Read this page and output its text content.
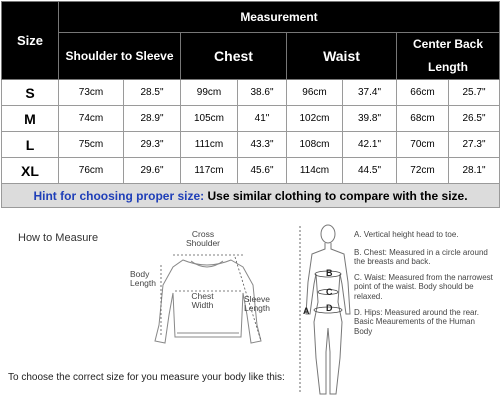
Size	Measurement							
	Shoulder to Sleeve		Chest		Waist		Center Back Length	
S	73cm	28.5"	99cm	38.6"	96cm	37.4"	66cm	25.7"
M	74cm	28.9"	105cm	41"	102cm	39.8"	68cm	26.5"
L	75cm	29.3"	111cm	43.3"	108cm	42.1"	70cm	27.3"
XL	76cm	29.6"	117cm	45.6"	114cm	44.5"	72cm	28.1"
Hint for choosing proper size: Use similar clothing to compare with the size.								
How to Measure	Cross
Shoulder
Body
Length
Chest
Width
Sleeve
Length
To choose the correct size for you measure your body like this:
A
B
C
D
A. Vertical height head to toe.
B. Chest: Measured in a circle around the breasts and back.
C. Waist: Measured from the narrowest point of the waist. Body should be relaxed.
D. Hips: Measured around the rear. Basic Meaurements of the Human Body
